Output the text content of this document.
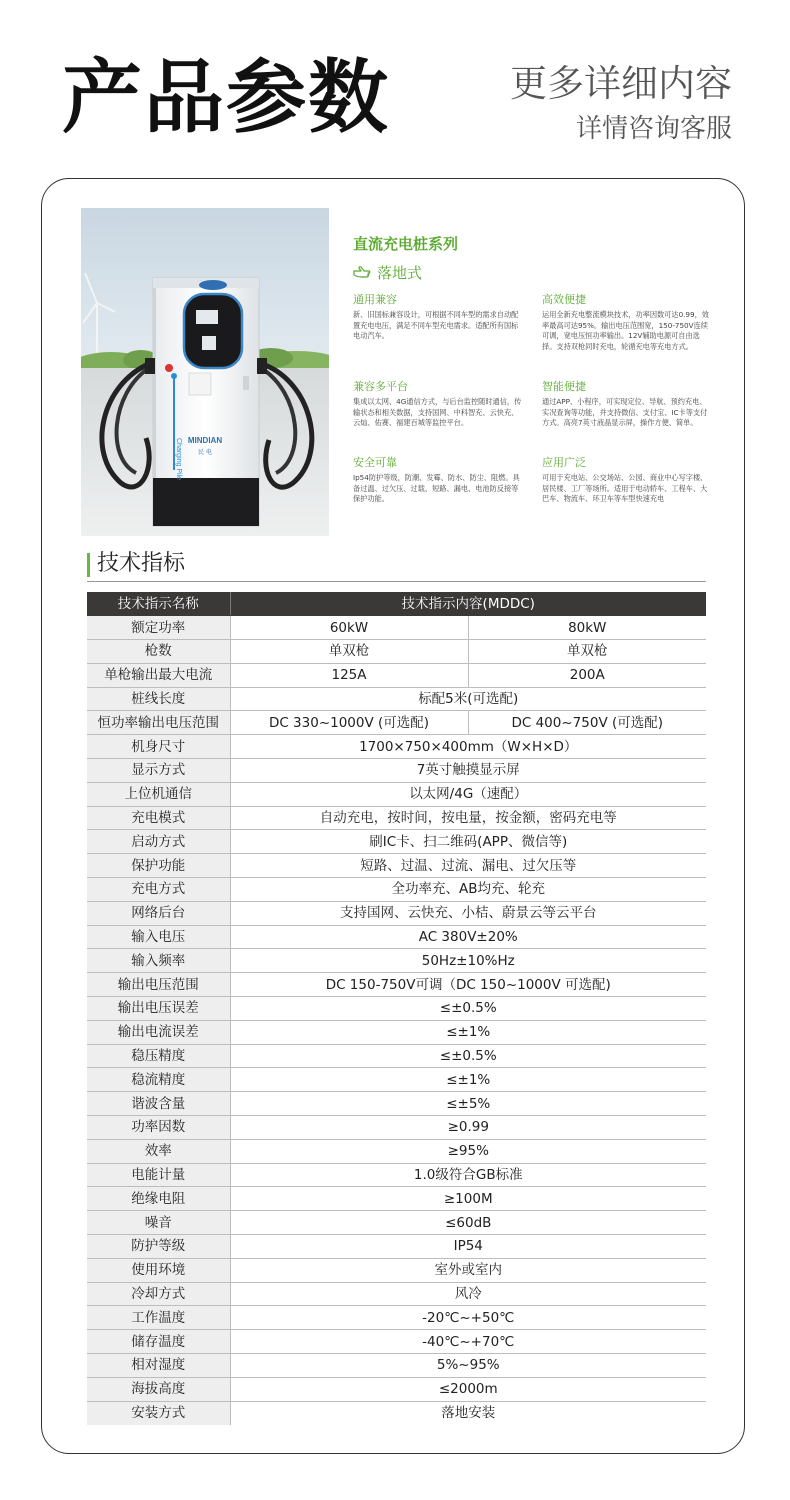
产品参数	更多详细内容
详情咨询客服
MINDIAN
民 电
Charging Pile
直流充电桩系列
落地式
通用兼容
新、旧国标兼容设计，可根据不同车型的需求自动配置充电电压，满足不同车型充电需求。适配所有国标电动汽车。
高效便捷
运用全新充电整流模块技术，功率因数可达0.99，效率最高可达95%。输出电压范围宽，150-750V连续可调，宽电压恒功率输出。12V辅助电源可自由选择。支持双枪同时充电，轮循充电等充电方式。
兼容多平台
集成以太网、4G通信方式，与后台监控随时通信，传输状态和相关数据，支持国网、中科智充、云快充、云灿、佑赛、福建百城等监控平台。
智能便捷
通过APP、小程序，可实现定位、导航、预约充电、实况查询等功能，并支持微信、支付宝、IC卡等支付方式。高亮7英寸液晶显示屏，操作方便、简单。
安全可靠
Ip54防护等级，防潮、发霉、防水、防尘、阻燃。具备过温、过欠压、过载、短路、漏电、电池防反接等保护功能。
应用广泛
可用于充电站、公交场站、公园、商业中心写字楼、居民楼、工厂等场所。适用于电动轿车、工程车、大巴车、物流车、环卫车等车型快速充电
技术指标
技术指示名称	技术指示内容(MDDC)	
额定功率	60kW	80kW
枪数	单双枪	单双枪
单枪输出最大电流	125A	200A
桩线长度	标配5米(可选配)	
恒功率输出电压范围	DC 330~1000V (可选配)	DC 400~750V (可选配)
机身尺寸	1700×750×400mm（W×H×D）	
显示方式	7英寸触摸显示屏	
上位机通信	以太网/4G（速配）	
充电模式	自动充电，按时间，按电量，按金额，密码充电等	
启动方式	刷IC卡、扫二维码(APP、微信等)	
保护功能	短路、过温、过流、漏电、过欠压等	
充电方式	全功率充、AB均充、轮充	
网络后台	支持国网、云快充、小桔、蔚景云等云平台	
输入电压	AC 380V±20%	
输入频率	50Hz±10%Hz	
输出电压范围	DC 150-750V可调（DC 150~1000V 可选配)	
输出电压误差	≤±0.5%	
输出电流误差	≤±1%	
稳压精度	≤±0.5%	
稳流精度	≤±1%	
谐波含量	≤±5%	
功率因数	≥0.99	
效率	≥95%	
电能计量	1.0级符合GB标准	
绝缘电阻	≥100M	
噪音	≤60dB	
防护等级	IP54	
使用环境	室外或室内	
冷却方式	风冷	
工作温度	-20℃~+50℃	
储存温度	-40℃~+70℃	
相对湿度	5%~95%	
海拔高度	≤2000m	
安装方式	落地安装	
